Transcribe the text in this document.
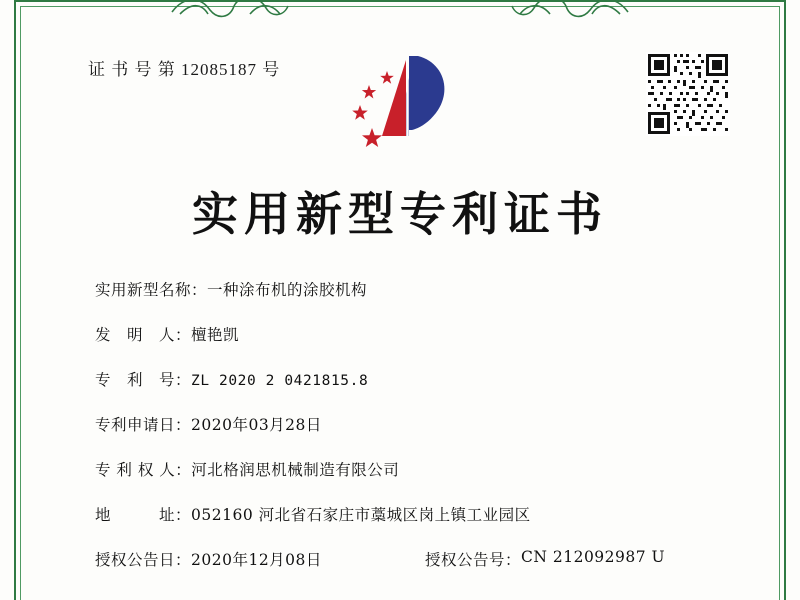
证 书 号 第 12085187 号
实用新型专利证书
实用新型名称： 一种涂布机的涂胶机构
发　明　人： 檀艳凯
专　利　号： ZL 2020 2 0421815.8
专利申请日： 2020年03月28日
专 利 权 人： 河北格润思机械制造有限公司
地　　　址： 052160 河北省石家庄市藁城区岗上镇工业园区
授权公告日： 2020年12月08日	授权公告号： CN 212092987 U
